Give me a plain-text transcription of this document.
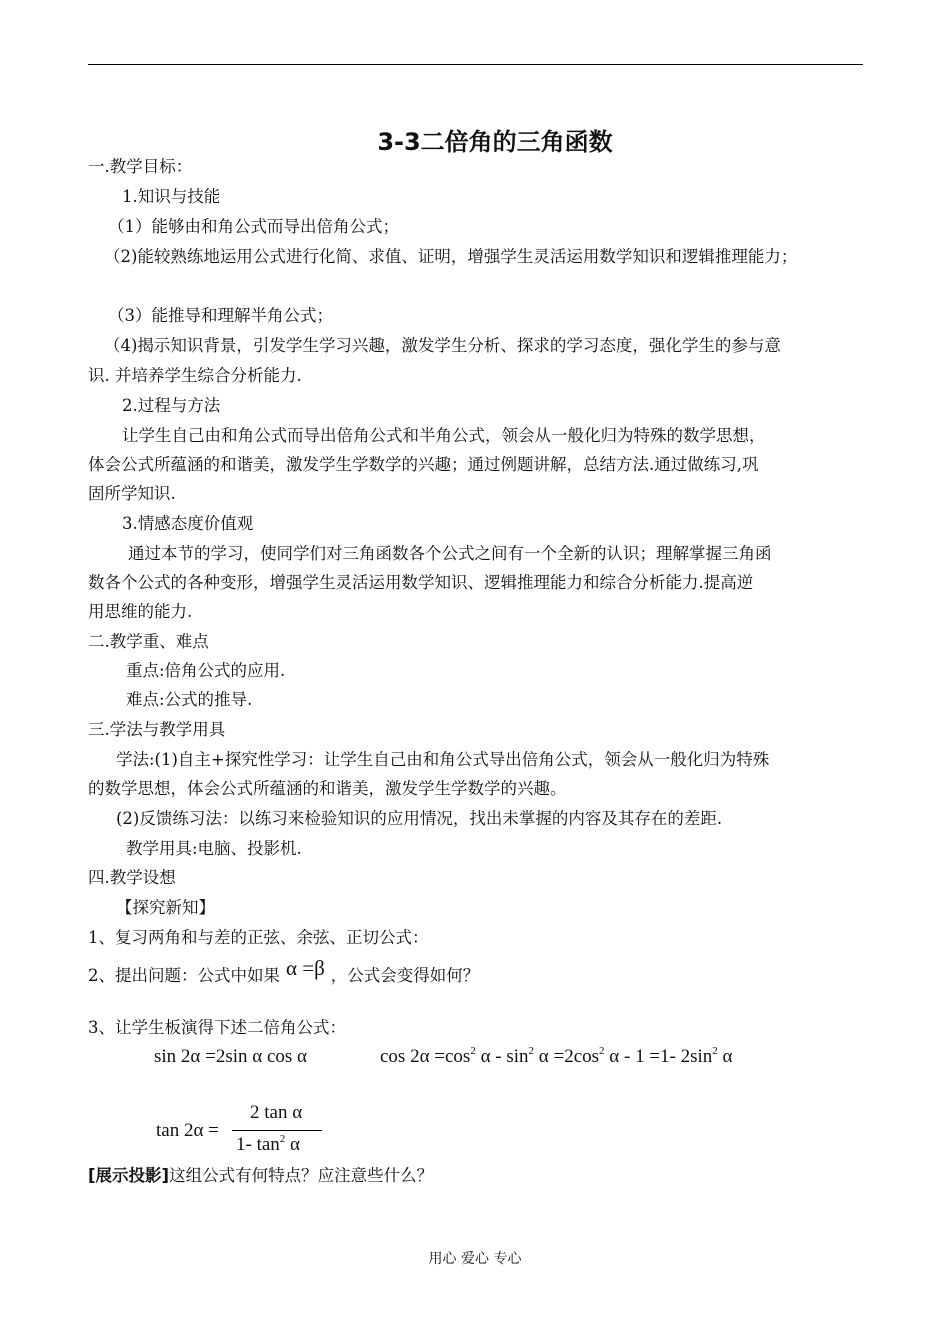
3-3二倍角的三角函数
一.教学目标：
1.知识与技能
（1）能够由和角公式而导出倍角公式；
（2)能较熟练地运用公式进行化简、求值、证明，增强学生灵活运用数学知识和逻辑推理能力；
（3）能推导和理解半角公式；
（4)揭示知识背景，引发学生学习兴趣，激发学生分析、探求的学习态度，强化学生的参与意
识. 并培养学生综合分析能力.
2.过程与方法
让学生自己由和角公式而导出倍角公式和半角公式，领会从一般化归为特殊的数学思想，
体会公式所蕴涵的和谐美，激发学生学数学的兴趣；通过例题讲解，总结方法.通过做练习,巩
固所学知识.
3.情感态度价值观
通过本节的学习，使同学们对三角函数各个公式之间有一个全新的认识；理解掌握三角函
数各个公式的各种变形，增强学生灵活运用数学知识、逻辑推理能力和综合分析能力.提高逆
用思维的能力.
二.教学重、难点
重点:倍角公式的应用.
难点:公式的推导.
三.学法与教学用具
学法:(1)自主+探究性学习：让学生自己由和角公式导出倍角公式，领会从一般化归为特殊
的数学思想，体会公式所蕴涵的和谐美，激发学生学数学的兴趣。
(2)反馈练习法：以练习来检验知识的应用情况，找出未掌握的内容及其存在的差距.
教学用具:电脑、投影机.
四.教学设想
【探究新知】
1、复习两角和与差的正弦、余弦、正切公式：
2、提出问题：公式中如果 α =β ，公式会变得如何？
3、让学生板演得下述二倍角公式：
sin 2α =2sin α cos α	$\cos 2\alpha =\cos^2$ $\alpha - \sin^2 \alpha =2\cos^2$ α - 1 =1- $2\sin^2$ α
tan 2α =
2 tan α
1- $\tan^2 \alpha$
[展示投影]这组公式有何特点？应注意些什么？
用心 爱心 专心
